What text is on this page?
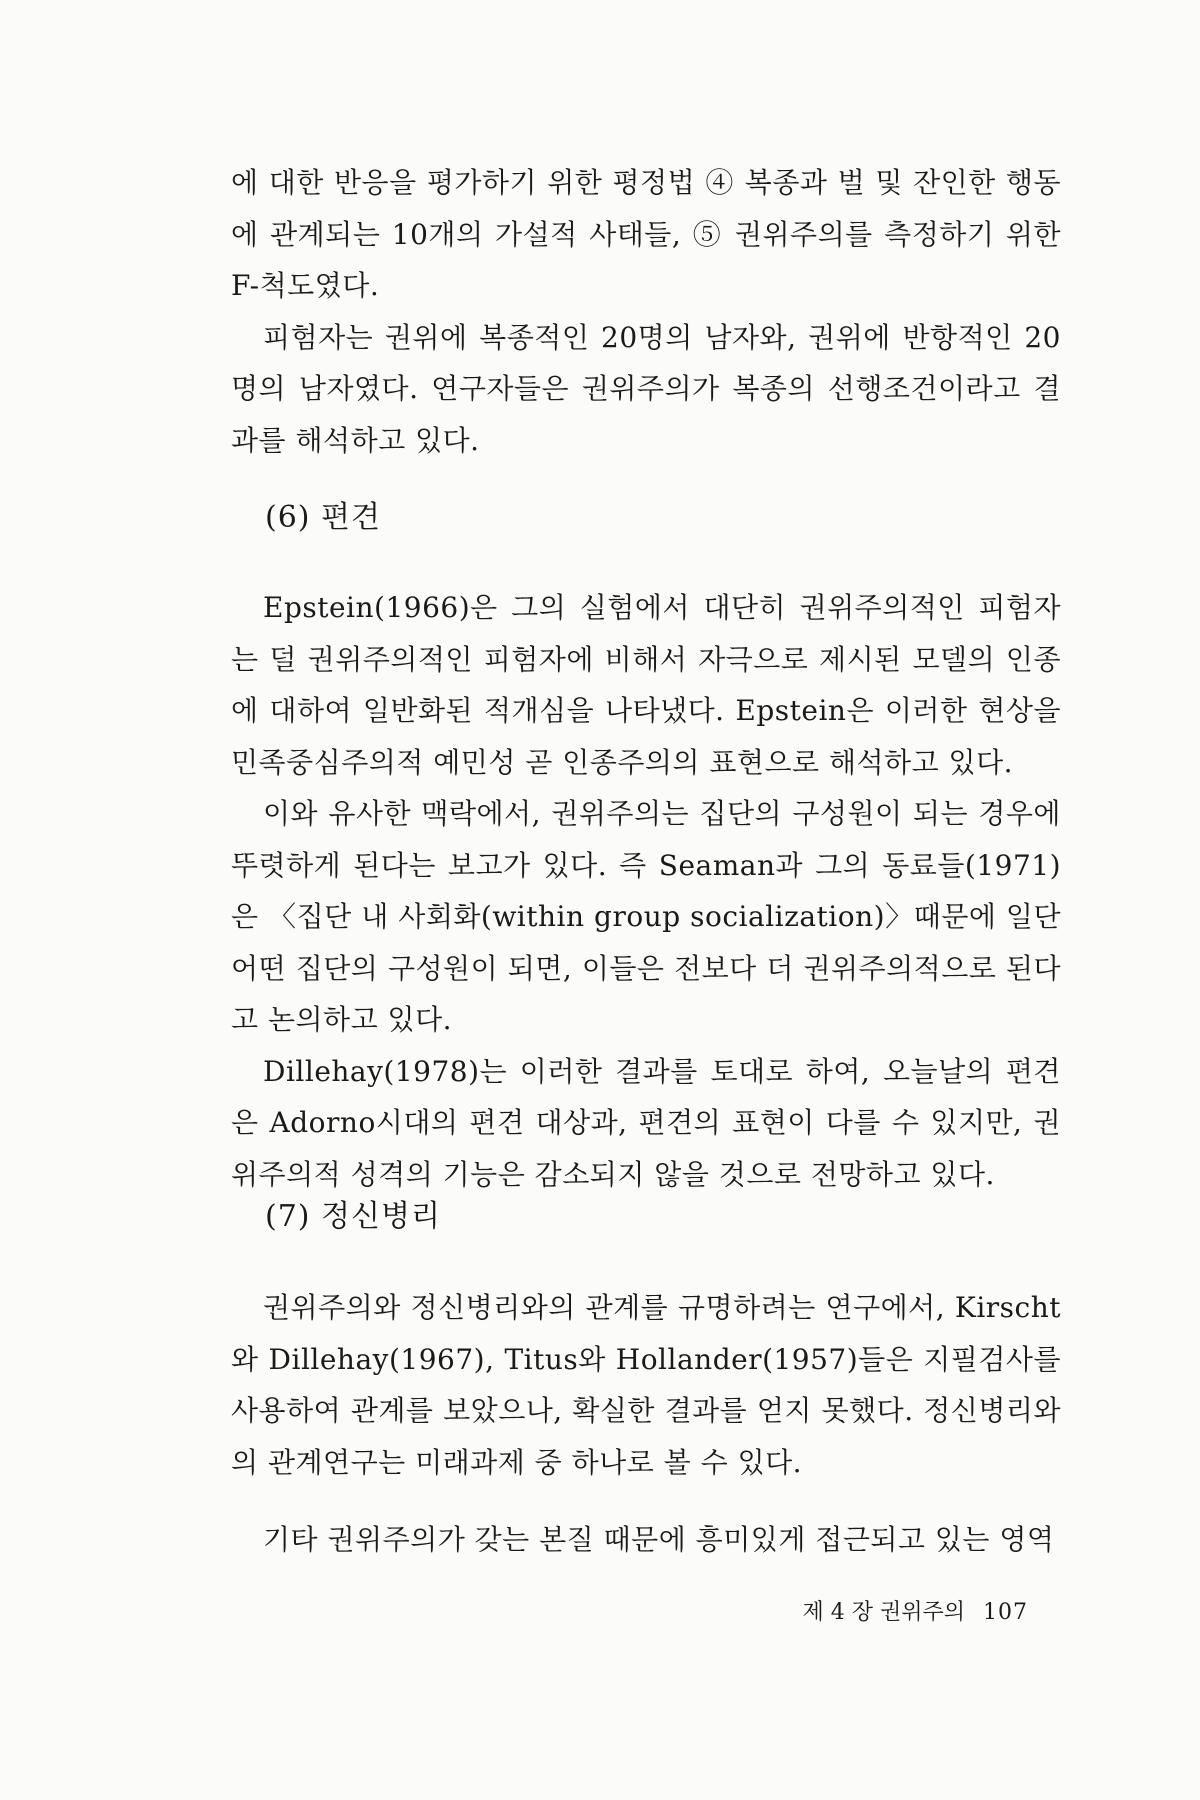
에 대한 반응을 평가하기 위한 평정법 ④ 복종과 벌 및 잔인한 행동에 관계되는 10개의 가설적 사태들, ⑤ 권위주의를 측정하기 위한 F-척도였다.

피험자는 권위에 복종적인 20명의 남자와, 권위에 반항적인 20명의 남자였다. 연구자들은 권위주의가 복종의 선행조건이라고 결과를 해석하고 있다.

(6) 편견

Epstein(1966)은 그의 실험에서 대단히 권위주의적인 피험자는 덜 권위주의적인 피험자에 비해서 자극으로 제시된 모델의 인종에 대하여 일반화된 적개심을 나타냈다. Epstein은 이러한 현상을 민족중심주의적 예민성 곧 인종주의의 표현으로 해석하고 있다.

이와 유사한 맥락에서, 권위주의는 집단의 구성원이 되는 경우에 뚜렷하게 된다는 보고가 있다. 즉 Seaman과 그의 동료들(1971)은 〈집단 내 사회화(within group socialization)〉때문에 일단 어떤 집단의 구성원이 되면, 이들은 전보다 더 권위주의적으로 된다고 논의하고 있다.

Dillehay(1978)는 이러한 결과를 토대로 하여, 오늘날의 편견은 Adorno시대의 편견 대상과, 편견의 표현이 다를 수 있지만, 권위주의적 성격의 기능은 감소되지 않을 것으로 전망하고 있다.

(7) 정신병리

권위주의와 정신병리와의 관계를 규명하려는 연구에서, Kirscht와 Dillehay(1967), Titus와 Hollander(1957)들은 지필검사를 사용하여 관계를 보았으나, 확실한 결과를 얻지 못했다. 정신병리와의 관계연구는 미래과제 중 하나로 볼 수 있다.

기타 권위주의가 갖는 본질 때문에 흥미있게 접근되고 있는 영역

제 4 장 권위주의 107
